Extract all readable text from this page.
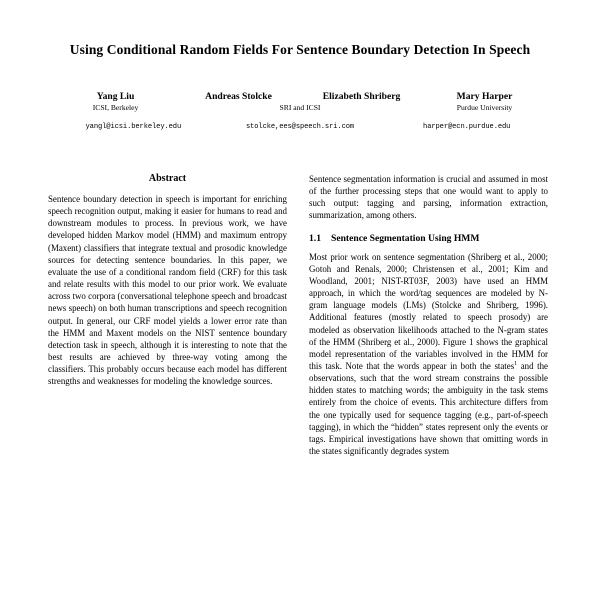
Using Conditional Random Fields For Sentence Boundary Detection In Speech
Yang Liu	Andreas Stolcke	Elizabeth Shriberg	Mary Harper
ICSI, Berkeley	SRI and ICSI	Purdue University
yangl@icsi.berkeley.edu	stolcke,ees@speech.sri.com	harper@ecn.purdue.edu
Abstract

Sentence boundary detection in speech is important for enriching speech recognition output, making it easier for humans to read and downstream modules to process. In previous work, we have developed hidden Markov model (HMM) and maximum entropy (Maxent) classifiers that integrate textual and prosodic knowledge sources for detecting sentence boundaries. In this paper, we evaluate the use of a conditional random field (CRF) for this task and relate results with this model to our prior work. We evaluate across two corpora (conversational telephone speech and broadcast news speech) on both human transcriptions and speech recognition output. In general, our CRF model yields a lower error rate than the HMM and Maxent models on the NIST sentence boundary detection task in speech, although it is interesting to note that the best results are achieved by three-way voting among the classifiers. This probably occurs because each model has different strengths and weaknesses for modeling the knowledge sources.

Sentence segmentation information is crucial and assumed in most of the further processing steps that one would want to apply to such output: tagging and parsing, information extraction, summarization, among others.

1.1 Sentence Segmentation Using HMM

Most prior work on sentence segmentation (Shriberg et al., 2000; Gotoh and Renals, 2000; Christensen et al., 2001; Kim and Woodland, 2001; NIST-RT03F, 2003) have used an HMM approach, in which the word/tag sequences are modeled by N-gram language models (LMs) (Stolcke and Shriberg, 1996). Additional features (mostly related to speech prosody) are modeled as observation likelihoods attached to the N-gram states of the HMM (Shriberg et al., 2000). Figure 1 shows the graphical model representation of the variables involved in the HMM for this task. Note that the words appear in both the states$^1$ and the observations, such that the word stream constrains the possible hidden states to matching words; the ambiguity in the task stems entirely from the choice of events. This architecture differs from the one typically used for sequence tagging (e.g., part-of-speech tagging), in which the “hidden” states represent only the events or tags. Empirical investigations have shown that omitting words in the states significantly degrades system
